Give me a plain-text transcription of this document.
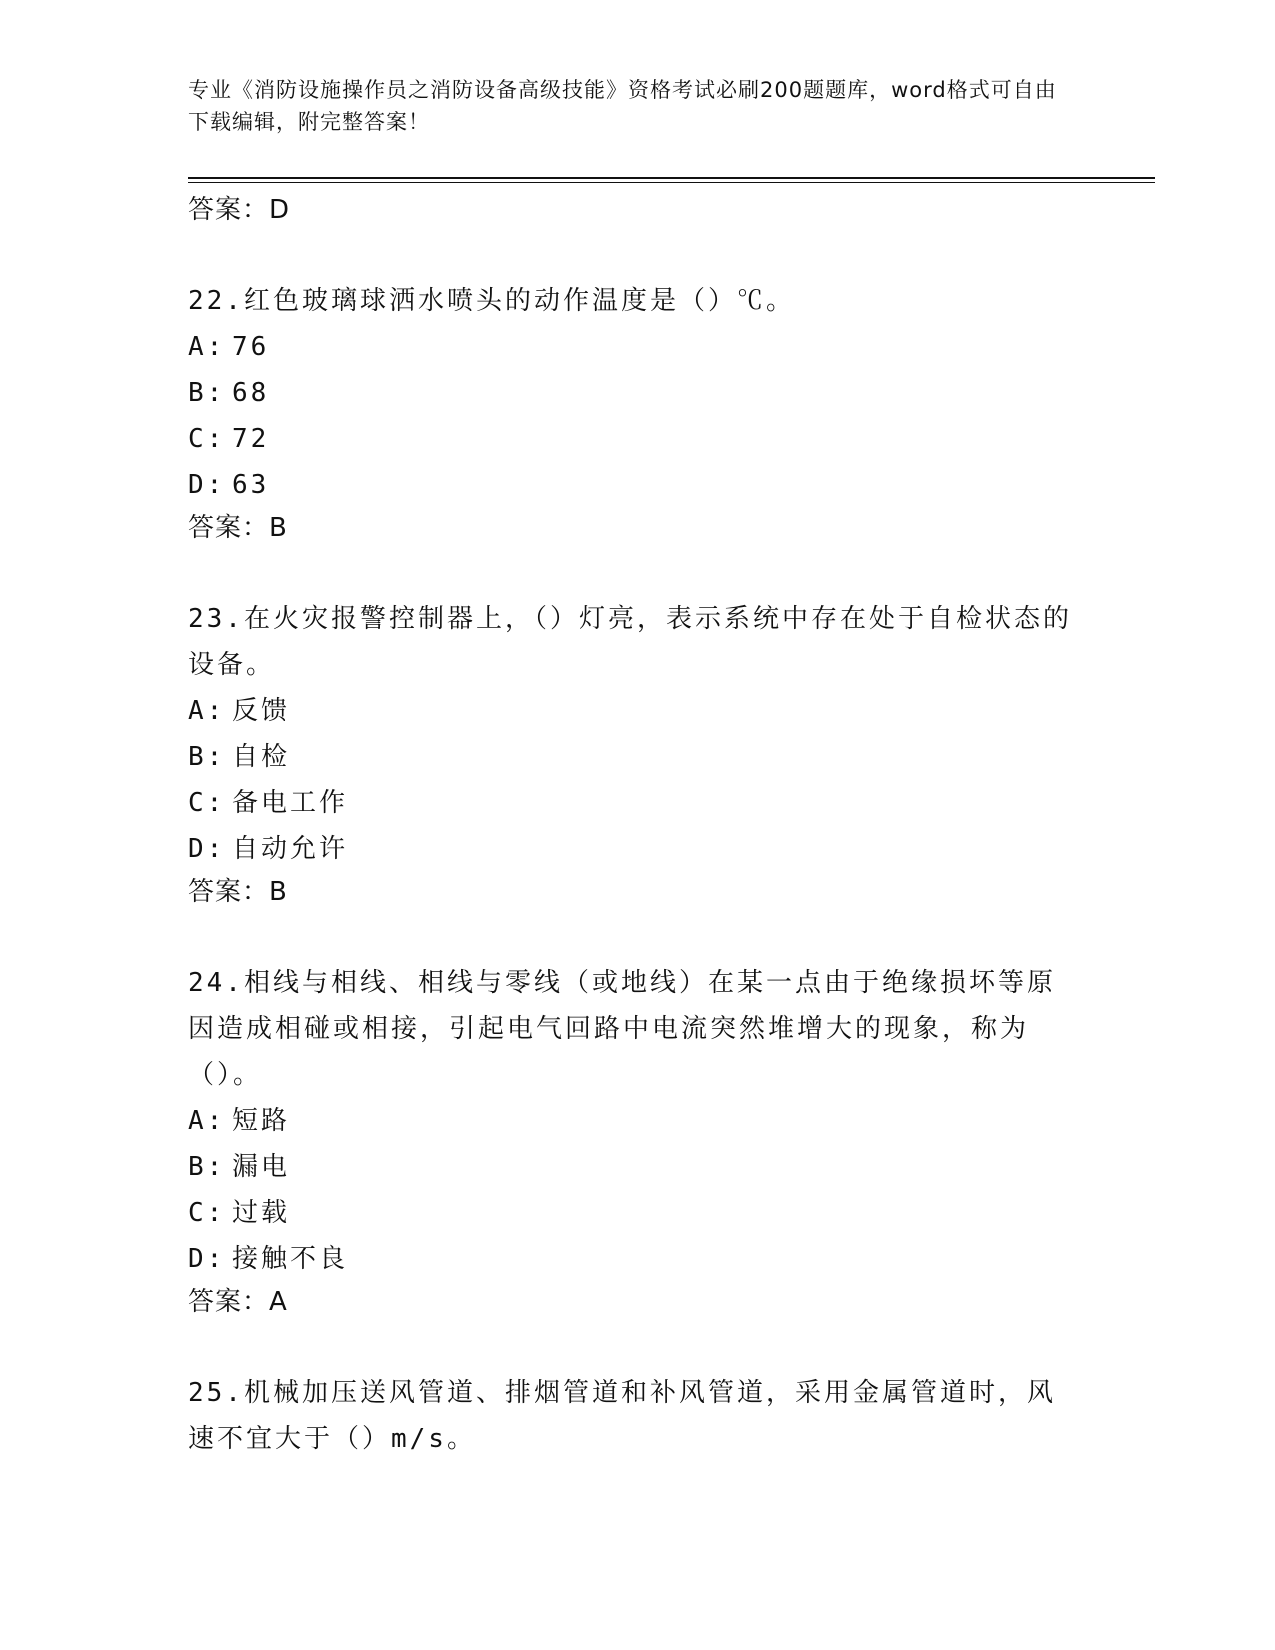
专业《消防设施操作员之消防设备高级技能》资格考试必刷200题题库，word格式可自由下载编辑，附完整答案！
答案：D
22.红色玻璃球洒水喷头的动作温度是（）℃。
A: 76
B: 68
C: 72
D: 63
答案：B
23.在火灾报警控制器上，（）灯亮，表示系统中存在处于自检状态的设备。
A: 反馈
B: 自检
C: 备电工作
D: 自动允许
答案：B
24.相线与相线、相线与零线（或地线）在某一点由于绝缘损坏等原因造成相碰或相接，引起电气回路中电流突然堆增大的现象，称为（）。
A: 短路
B: 漏电
C: 过载
D: 接触不良
答案：A
25.机械加压送风管道、排烟管道和补风管道，采用金属管道时，风速不宜大于（）m/s。
